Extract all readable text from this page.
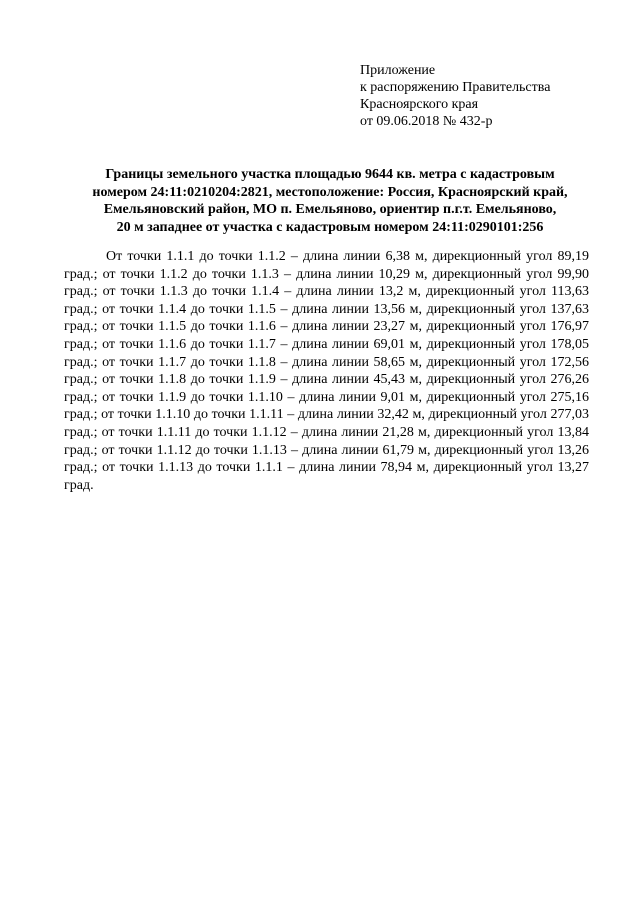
Приложение
к распоряжению Правительства
Красноярского края
от 09.06.2018 № 432-р
Границы земельного участка площадью 9644 кв. метра с кадастровым
номером 24:11:0210204:2821, местоположение: Россия, Красноярский край,
Емельяновский район, МО п. Емельяново, ориентир п.г.т. Емельяново,
20 м западнее от участка с кадастровым номером 24:11:0290101:256

От точки 1.1.1 до точки 1.1.2 – длина линии 6,38 м, дирекционный угол 89,19 град.; от точки 1.1.2 до точки 1.1.3 – длина линии 10,29 м, дирекционный угол 99,90 град.; от точки 1.1.3 до точки 1.1.4 – длина линии 13,2 м, дирекционный угол 113,63 град.; от точки 1.1.4 до точки 1.1.5 – длина линии 13,56 м, дирекционный угол 137,63 град.; от точки 1.1.5 до точки 1.1.6 – длина линии 23,27 м, дирекционный угол 176,97 град.; от точки 1.1.6 до точки 1.1.7 – длина линии 69,01 м, дирекционный угол 178,05 град.; от точки 1.1.7 до точки 1.1.8 – длина линии 58,65 м, дирекционный угол 172,56 град.; от точки 1.1.8 до точки 1.1.9 – длина линии 45,43 м, дирекционный угол 276,26 град.; от точки 1.1.9 до точки 1.1.10 – длина линии 9,01 м, дирекционный угол 275,16 град.; от точки 1.1.10 до точки 1.1.11 – длина линии 32,42 м, дирекционный угол 277,03 град.; от точки 1.1.11 до точки 1.1.12 – длина линии 21,28 м, дирекционный угол 13,84 град.; от точки 1.1.12 до точки 1.1.13 – длина линии 61,79 м, дирекционный угол 13,26 град.; от точки 1.1.13 до точки 1.1.1 – длина линии 78,94 м, дирекционный угол 13,27 град.
